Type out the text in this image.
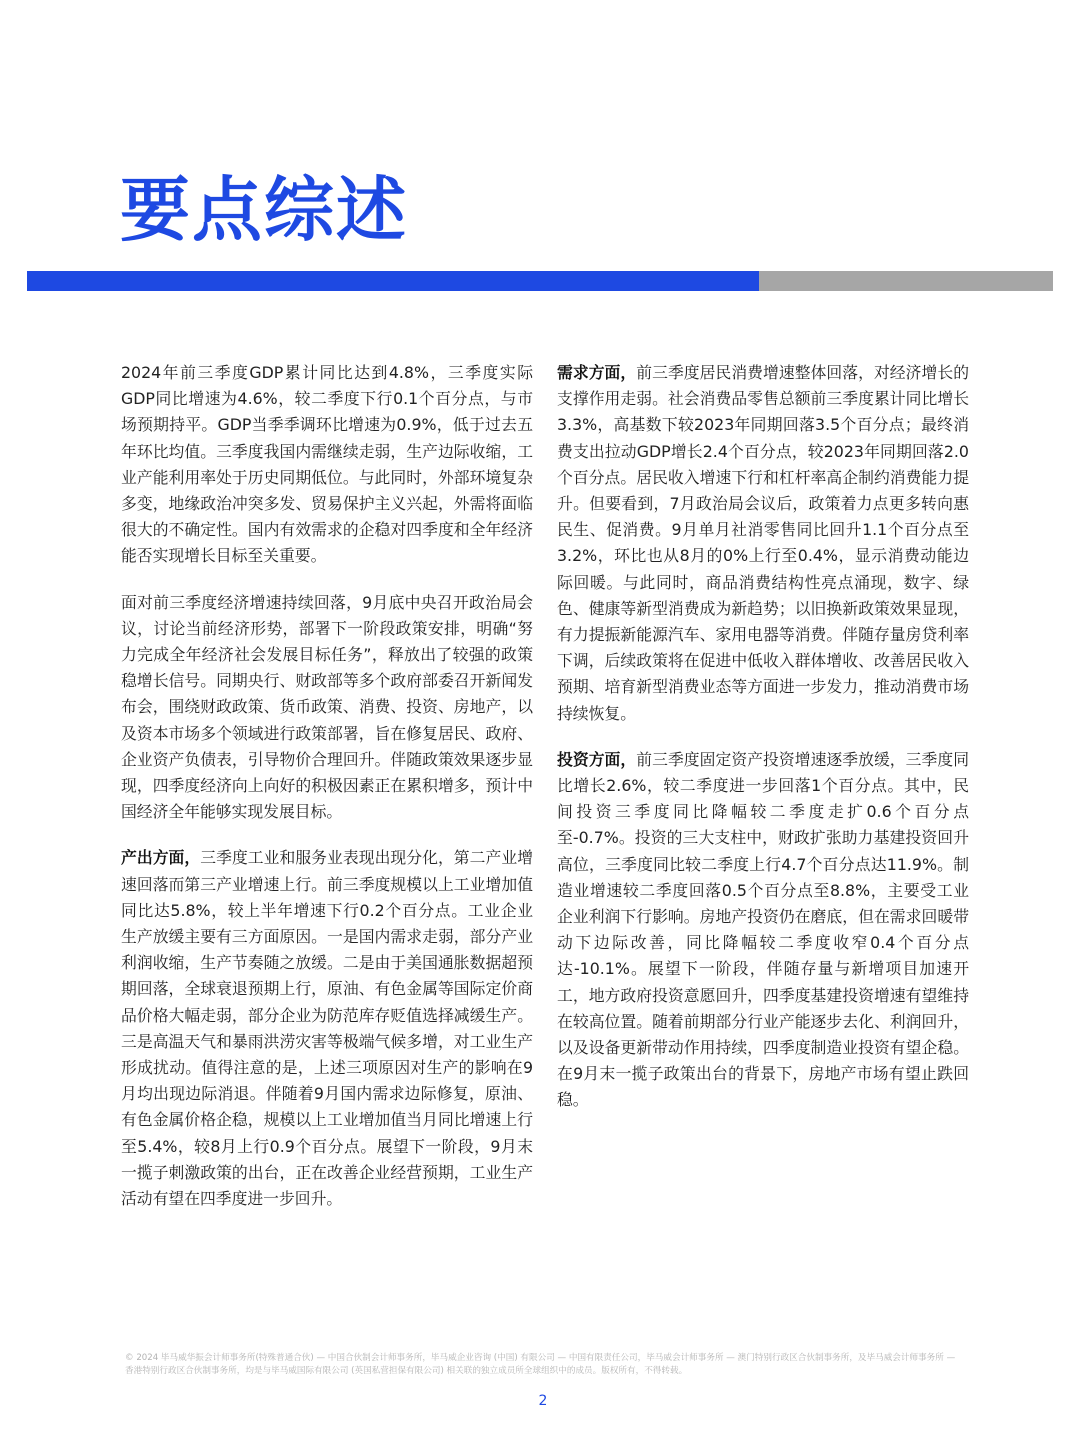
要点综述

2024年前三季度GDP累计同比达到4.8%，三季度实际GDP同比增速为4.6%，较二季度下行0.1个百分点，与市场预期持平。GDP当季季调环比增速为0.9%，低于过去五年环比均值。三季度我国内需继续走弱，生产边际收缩，工业产能利用率处于历史同期低位。与此同时，外部环境复杂多变，地缘政治冲突多发、贸易保护主义兴起，外需将面临很大的不确定性。国内有效需求的企稳对四季度和全年经济能否实现增长目标至关重要。

面对前三季度经济增速持续回落，9月底中央召开政治局会议，讨论当前经济形势，部署下一阶段政策安排，明确“努力完成全年经济社会发展目标任务”，释放出了较强的政策稳增长信号。同期央行、财政部等多个政府部委召开新闻发布会，围绕财政政策、货币政策、消费、投资、房地产，以及资本市场多个领域进行政策部署，旨在修复居民、政府、企业资产负债表，引导物价合理回升。伴随政策效果逐步显现，四季度经济向上向好的积极因素正在累积增多，预计中国经济全年能够实现发展目标。

产出方面，三季度工业和服务业表现出现分化，第二产业增速回落而第三产业增速上行。前三季度规模以上工业增加值同比达5.8%，较上半年增速下行0.2个百分点。工业企业生产放缓主要有三方面原因。一是国内需求走弱，部分产业利润收缩，生产节奏随之放缓。二是由于美国通胀数据超预期回落，全球衰退预期上行，原油、有色金属等国际定价商品价格大幅走弱，部分企业为防范库存贬值选择减缓生产。三是高温天气和暴雨洪涝灾害等极端气候多增，对工业生产形成扰动。值得注意的是，上述三项原因对生产的影响在9月均出现边际消退。伴随着9月国内需求边际修复，原油、有色金属价格企稳，规模以上工业增加值当月同比增速上行至5.4%，较8月上行0.9个百分点。展望下一阶段，9月末一揽子刺激政策的出台，正在改善企业经营预期，工业生产活动有望在四季度进一步回升。

需求方面，前三季度居民消费增速整体回落，对经济增长的支撑作用走弱。社会消费品零售总额前三季度累计同比增长3.3%，高基数下较2023年同期回落3.5个百分点；最终消费支出拉动GDP增长2.4个百分点，较2023年同期回落2.0个百分点。居民收入增速下行和杠杆率高企制约消费能力提升。但要看到，7月政治局会议后，政策着力点更多转向惠民生、促消费。9月单月社消零售同比回升1.1个百分点至3.2%，环比也从8月的0%上行至0.4%，显示消费动能边际回暖。与此同时，商品消费结构性亮点涌现，数字、绿色、健康等新型消费成为新趋势；以旧换新政策效果显现，有力提振新能源汽车、家用电器等消费。伴随存量房贷利率下调，后续政策将在促进中低收入群体增收、改善居民收入预期、培育新型消费业态等方面进一步发力，推动消费市场持续恢复。

投资方面，前三季度固定资产投资增速逐季放缓，三季度同比增长2.6%，较二季度进一步回落1个百分点。其中，民间投资三季度同比降幅较二季度走扩0.6个百分点至-0.7%。投资的三大支柱中，财政扩张助力基建投资回升高位，三季度同比较二季度上行4.7个百分点达11.9%。制造业增速较二季度回落0.5个百分点至8.8%，主要受工业企业利润下行影响。房地产投资仍在磨底，但在需求回暖带动下边际改善，同比降幅较二季度收窄0.4个百分点达-10.1%。展望下一阶段，伴随存量与新增项目加速开工，地方政府投资意愿回升，四季度基建投资增速有望维持在较高位置。随着前期部分行业产能逐步去化、利润回升，以及设备更新带动作用持续，四季度制造业投资有望企稳。在9月末一揽子政策出台的背景下，房地产市场有望止跌回稳。

© 2024 毕马威华振会计师事务所(特殊普通合伙) — 中国合伙制会计师事务所，毕马威企业咨询 (中国) 有限公司 — 中国有限责任公司，毕马威会计师事务所 — 澳门特别行政区合伙制事务所，及毕马威会计师事务所 — 香港特别行政区合伙制事务所，均是与毕马威国际有限公司 (英国私营担保有限公司) 相关联的独立成员所全球组织中的成员。版权所有，不得转载。

2
